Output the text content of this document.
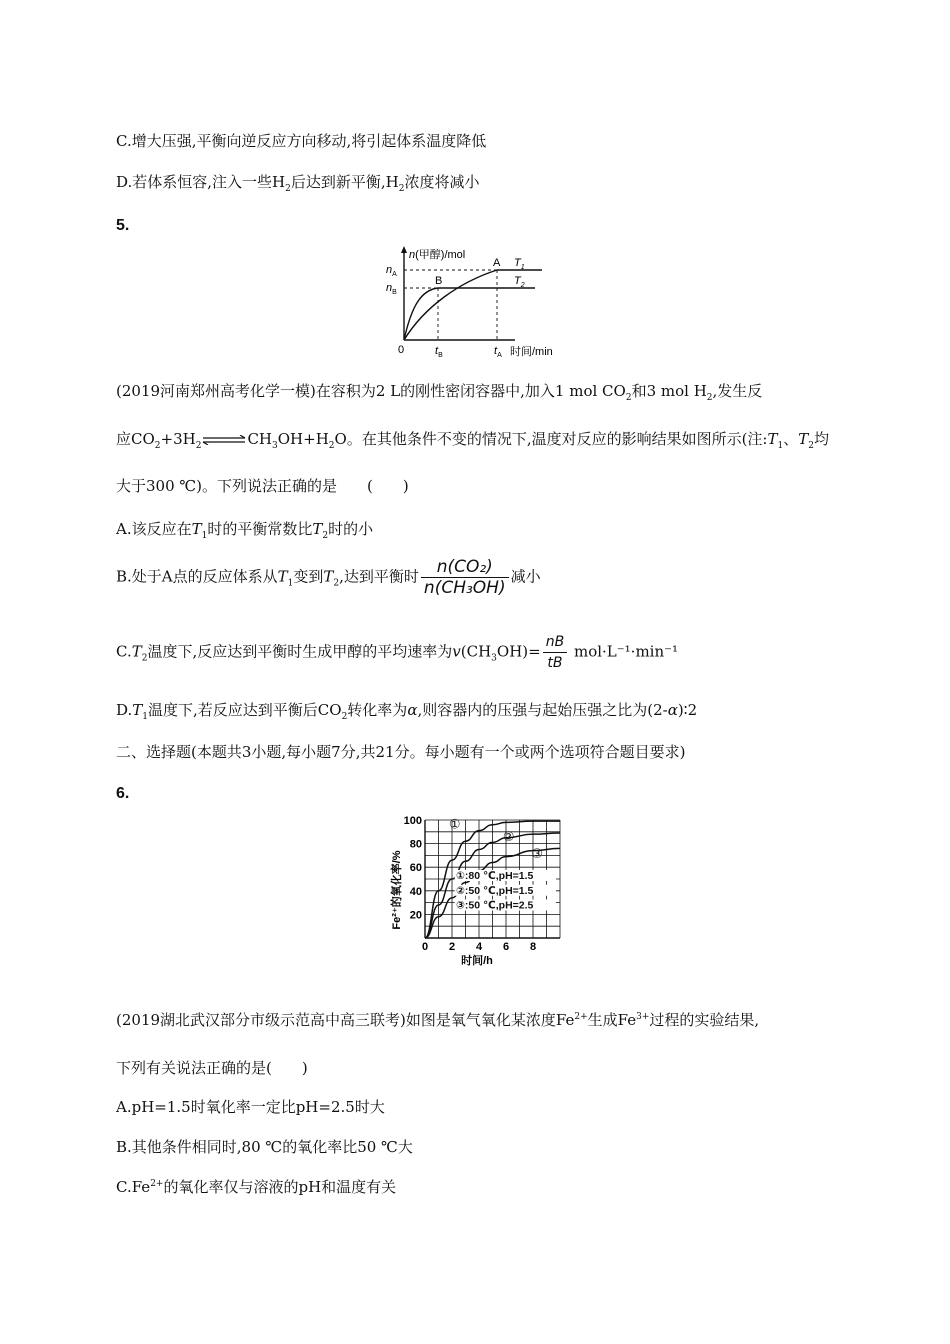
C.增大压强,平衡向逆反应方向移动,将引起体系温度降低
D.若体系恒容,注入一些$H_2$后达到新平衡$,H_2$浓度将减小
5.
n(甲醇)/mol
$n_A$
$n_B$
A
B
$T_1$
$T_2$
0	$t_B$	$t_A$ 时间/min
(2019河南郑州高考化学一模)在容积为2 L的刚性密闭容器中,加入1 mol $CO_2$和3 mol $H_2$,发生反
应$CO_2+3H_2$ $\rightleftharpoons CH_3OH+H_2O$。在其他条件不变的情况下,温度对反应的影响结果如图所示(注$:T_1$、$T_2$均
大于300 ℃)。下列说法正确的是　　(　　)
A.该反应在$T_1$时的平衡常数比$T_2$时的小
B.处于A点的反应体系从$T_1$变到$T_2$,达到平衡时 $\frac{\text{n(CO₂)}}{\text{n(CH₃OH)}}$ 减小
$C.T_2$温度下,反应达到平衡时生成甲醇的平均速率为$v(CH_3OH)= \frac{nB}{tB} mol\cdot L^{-1}\cdot\min^{-1}$
$D.T_1$温度下,若反应达到平衡后$CO_2$转化率为α,则容器内的压强与起始压强之比为(2-α)∶2
二、选择题(本题共3小题,每小题7分,共21分。每小题有一个或两个选项符合题目要求)
6.
Fe²⁺的氧化率/%
①
②
③
0 2 4 6 8
20
40
60
80
100
①:80 ℃,pH=1.5
②:50 ℃,pH=1.5
③:50 ℃,pH=2.5
时间/h
(2019湖北武汉部分市级示范高中高三联考)如图是氧气氧化某浓度$Fe^{2+}$生成$Fe^{3+}$过程的实验结果,
下列有关说法正确的是(　　)
A.pH=1.5时氧化率一定比pH=2.5时大
B.其他条件相同时,80 ℃的氧化率比50 ℃大
$C.Fe^{2+}$的氧化率仅与溶液的pH和温度有关
